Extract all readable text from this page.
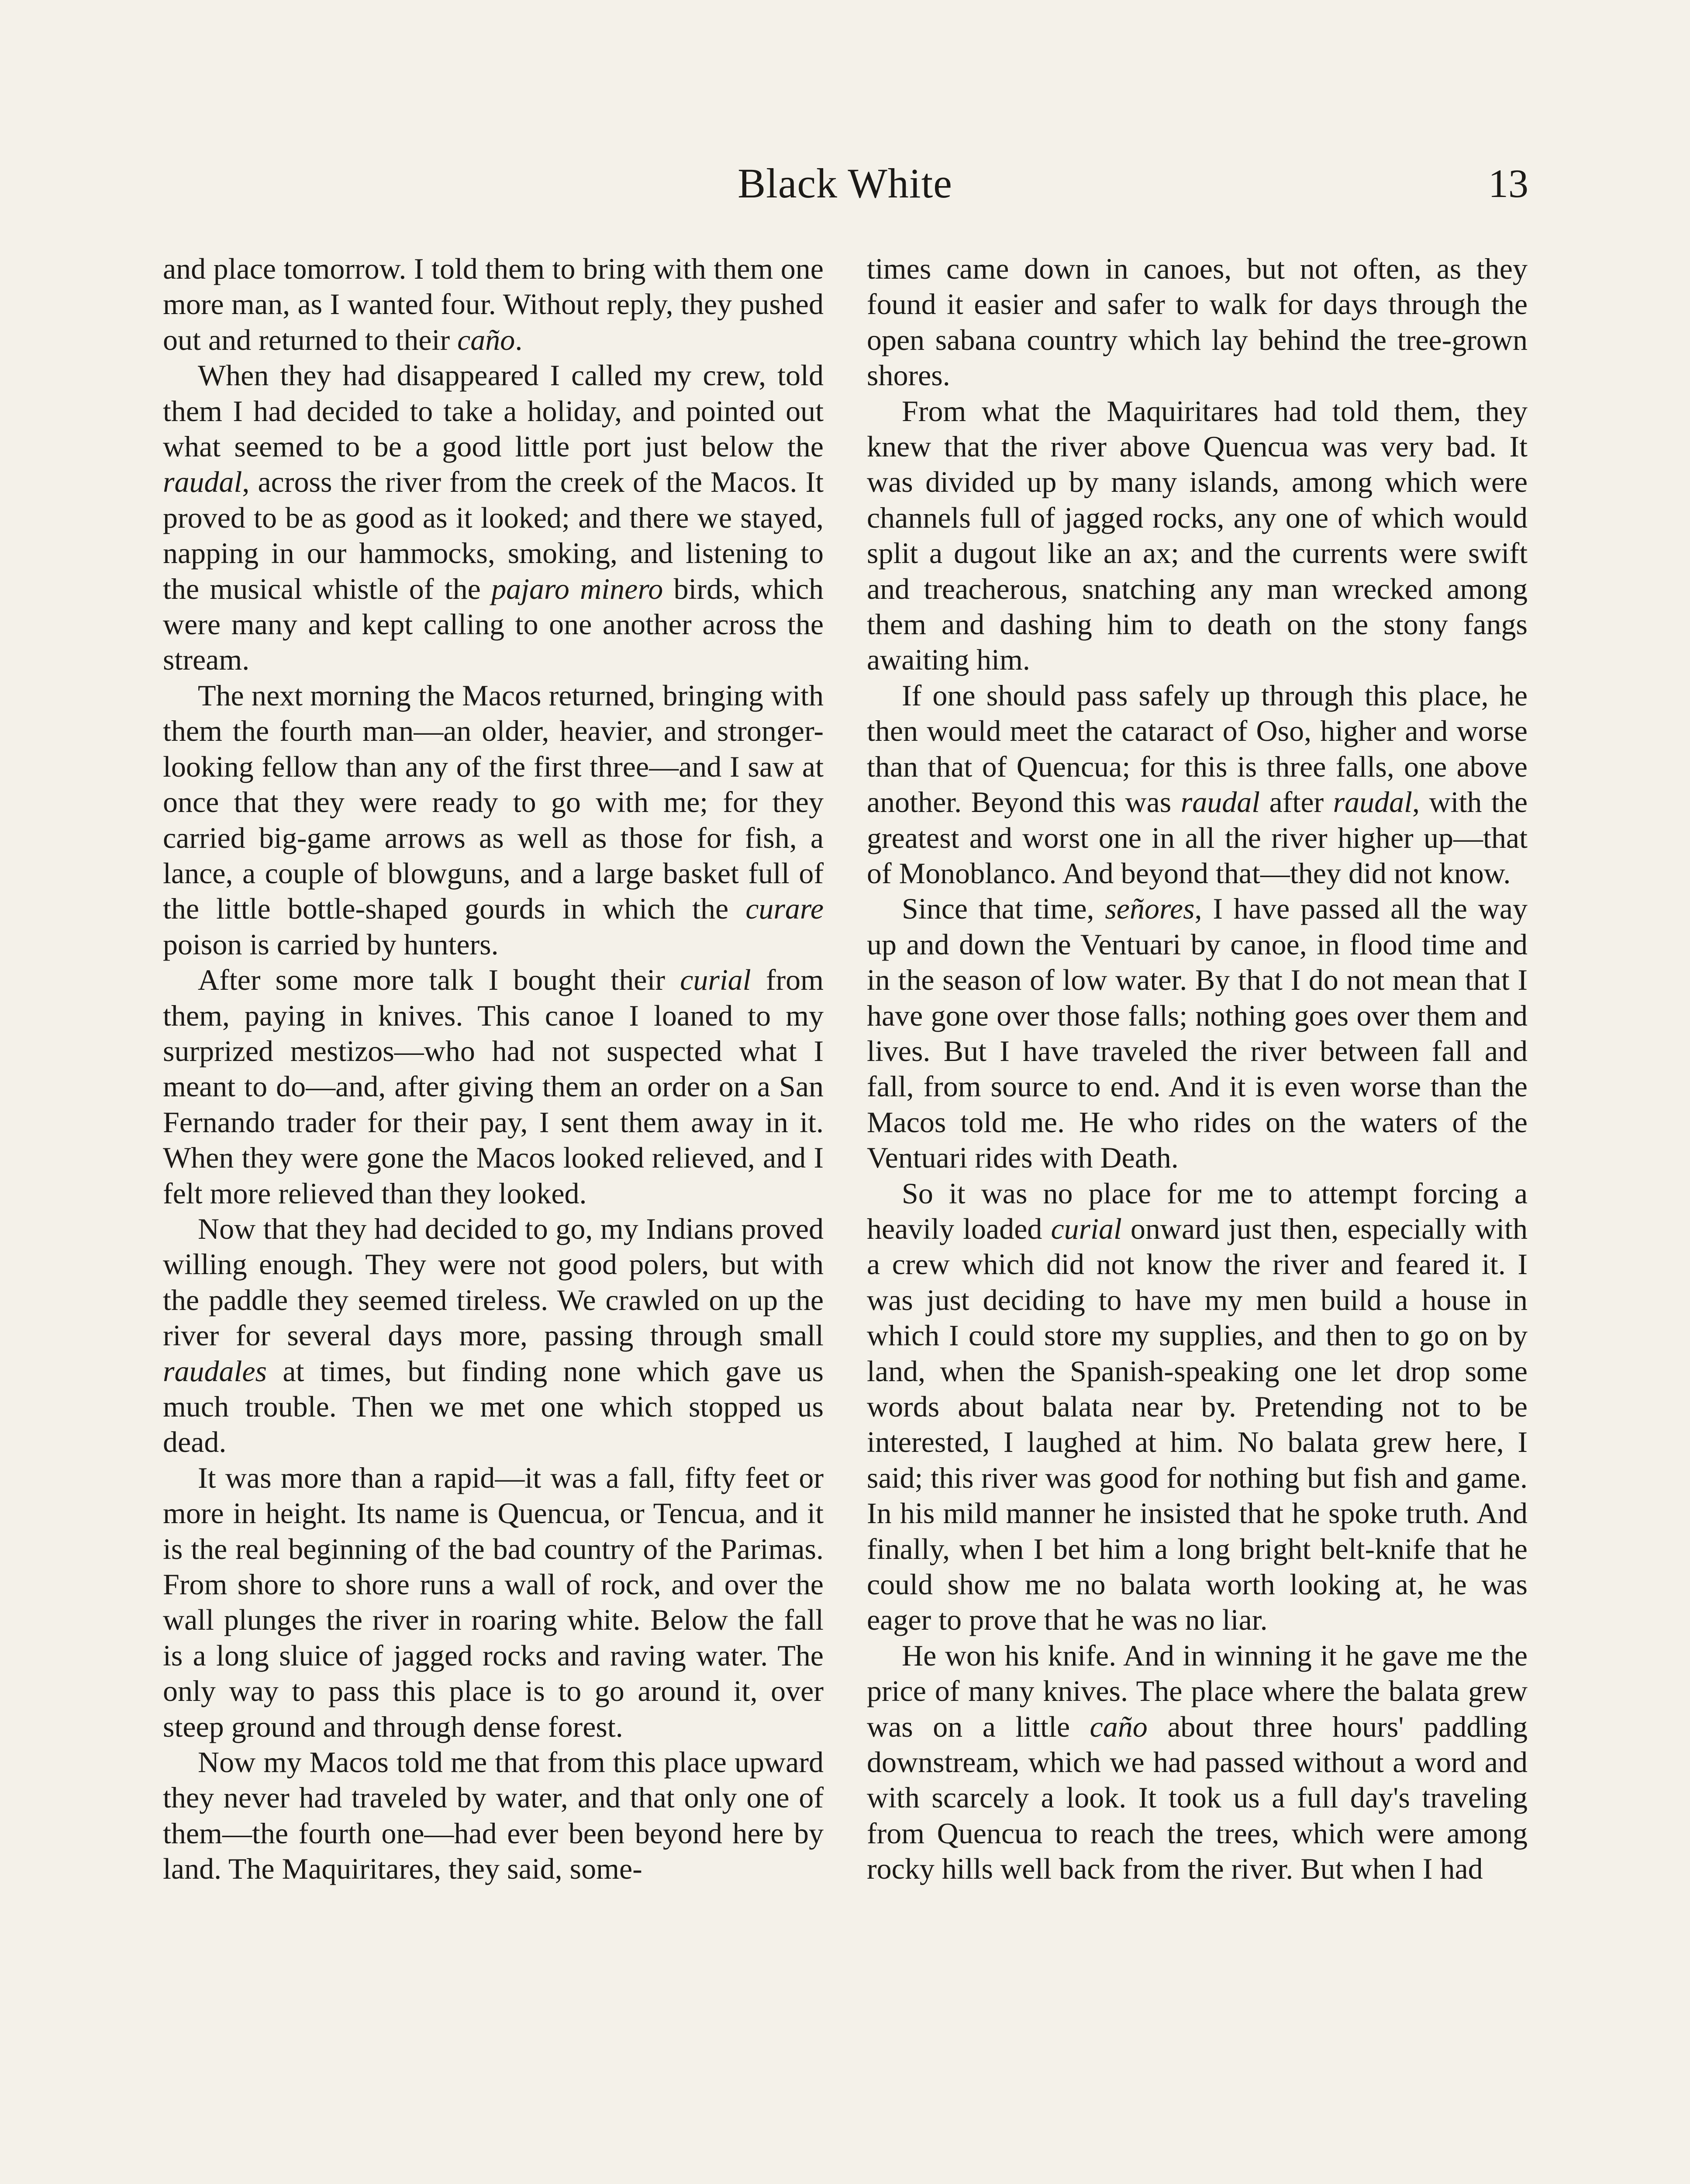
Black White	13

and place tomorrow. I told them to bring with them one more man, as I wanted four. Without reply, they pushed out and returned to their caño.

When they had disappeared I called my crew, told them I had decided to take a holiday, and pointed out what seemed to be a good little port just below the raudal, across the river from the creek of the Macos. It proved to be as good as it looked; and there we stayed, napping in our hammocks, smoking, and listening to the musical whistle of the pajaro minero birds, which were many and kept calling to one another across the stream.

The next morning the Macos returned, bringing with them the fourth man—an older, heavier, and stronger-looking fellow than any of the first three—and I saw at once that they were ready to go with me; for they carried big-game arrows as well as those for fish, a lance, a couple of blowguns, and a large basket full of the little bottle-shaped gourds in which the curare poison is carried by hunters.

After some more talk I bought their curial from them, paying in knives. This canoe I loaned to my surprized mestizos—who had not suspected what I meant to do—and, after giving them an order on a San Fernando trader for their pay, I sent them away in it. When they were gone the Macos looked relieved, and I felt more relieved than they looked.

Now that they had decided to go, my Indians proved willing enough. They were not good polers, but with the paddle they seemed tireless. We crawled on up the river for several days more, passing through small raudales at times, but finding none which gave us much trouble. Then we met one which stopped us dead.

It was more than a rapid—it was a fall, fifty feet or more in height. Its name is Quencua, or Tencua, and it is the real beginning of the bad country of the Parimas. From shore to shore runs a wall of rock, and over the wall plunges the river in roaring white. Below the fall is a long sluice of jagged rocks and raving water. The only way to pass this place is to go around it, over steep ground and through dense forest.

Now my Macos told me that from this place upward they never had traveled by water, and that only one of them—the fourth one—had ever been beyond here by land. The Maquiritares, they said, some-

times came down in canoes, but not often, as they found it easier and safer to walk for days through the open sabana country which lay behind the tree-grown shores.

From what the Maquiritares had told them, they knew that the river above Quencua was very bad. It was divided up by many islands, among which were channels full of jagged rocks, any one of which would split a dugout like an ax; and the currents were swift and treacherous, snatching any man wrecked among them and dashing him to death on the stony fangs awaiting him.

If one should pass safely up through this place, he then would meet the cataract of Oso, higher and worse than that of Quencua; for this is three falls, one above another. Beyond this was raudal after raudal, with the greatest and worst one in all the river higher up—that of Monoblanco. And beyond that—they did not know.

Since that time, señores, I have passed all the way up and down the Ventuari by canoe, in flood time and in the season of low water. By that I do not mean that I have gone over those falls; nothing goes over them and lives. But I have traveled the river between fall and fall, from source to end. And it is even worse than the Macos told me. He who rides on the waters of the Ventuari rides with Death.

So it was no place for me to attempt forcing a heavily loaded curial onward just then, especially with a crew which did not know the river and feared it. I was just deciding to have my men build a house in which I could store my supplies, and then to go on by land, when the Spanish-speaking one let drop some words about balata near by. Pretending not to be interested, I laughed at him. No balata grew here, I said; this river was good for nothing but fish and game. In his mild manner he insisted that he spoke truth. And finally, when I bet him a long bright belt-knife that he could show me no balata worth looking at, he was eager to prove that he was no liar.

He won his knife. And in winning it he gave me the price of many knives. The place where the balata grew was on a little caño about three hours' paddling downstream, which we had passed without a word and with scarcely a look. It took us a full day's traveling from Quencua to reach the trees, which were among rocky hills well back from the river. But when I had
